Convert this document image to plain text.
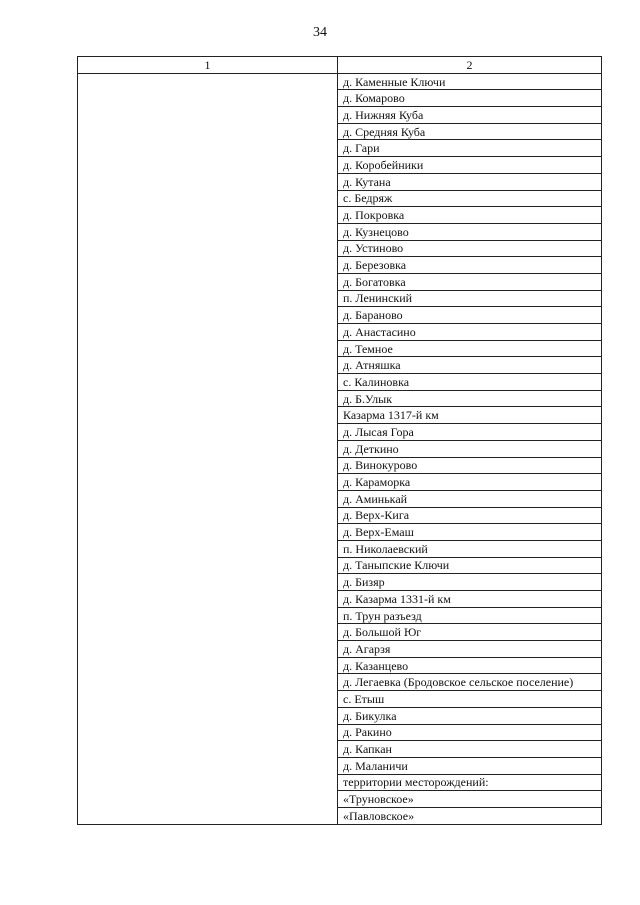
34
1	2
	д. Каменные Ключи
	д. Комарово
	д. Нижняя Куба
	д. Средняя Куба
	д. Гари
	д. Коробейники
	д. Кутана
	с. Бедряж
	д. Покровка
	д. Кузнецово
	д. Устиново
	д. Березовка
	д. Богатовка
	п. Ленинский
	д. Бараново
	д. Анастасино
	д. Темное
	д. Атняшка
	с. Калиновка
	д. Б.Улык
	Казарма 1317-й км
	д. Лысая Гора
	д. Деткино
	д. Винокурово
	д. Караморка
	д. Аминькай
	д. Верх-Кига
	д. Верх-Емаш
	п. Николаевский
	д. Таныпские Ключи
	д. Бизяр
	д. Казарма 1331-й км
	п. Трун разъезд
	д. Большой Юг
	д. Агарзя
	д. Казанцево
	д. Легаевка (Бродовское сельское поселение)
	с. Етыш
	д. Бикулка
	д. Ракино
	д. Капкан
	д. Маланичи
	территории месторождений:
	«Труновское»
	«Павловское»
